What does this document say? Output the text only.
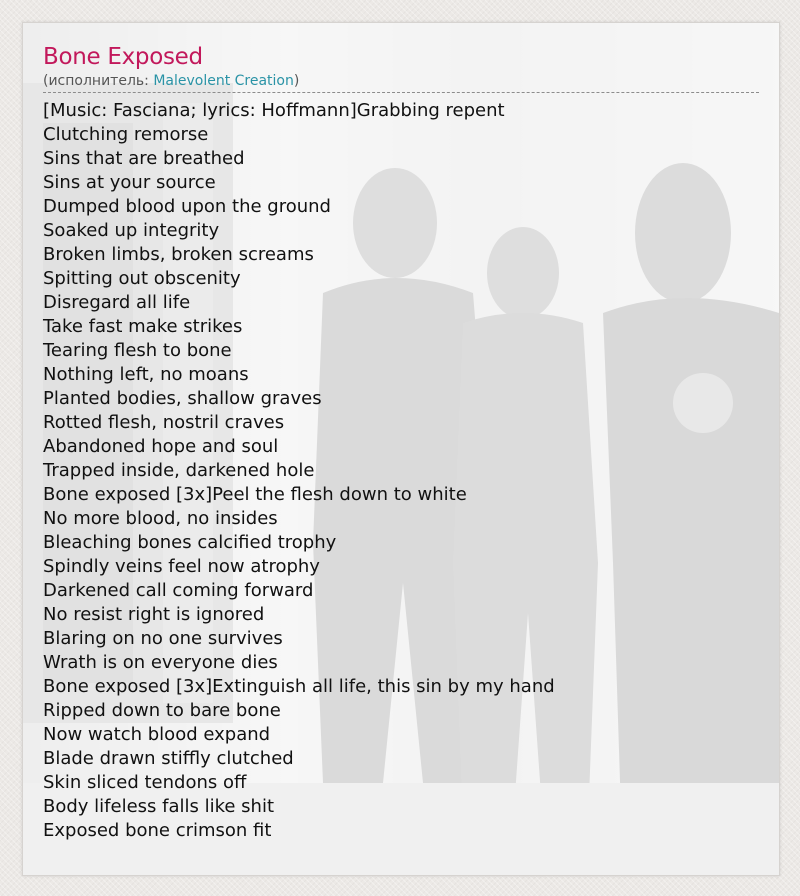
Bone Exposed
(исполнитель: Malevolent Creation)
[Music: Fasciana; lyrics: Hoffmann]Grabbing repent
Clutching remorse
Sins that are breathed
Sins at your source
Dumped blood upon the ground
Soaked up integrity
Broken limbs, broken screams
Spitting out obscenity
Disregard all life
Take fast make strikes
Tearing flesh to bone
Nothing left, no moans
Planted bodies, shallow graves
Rotted flesh, nostril craves
Abandoned hope and soul
Trapped inside, darkened hole
Bone exposed [3x]Peel the flesh down to white
No more blood, no insides
Bleaching bones calcified trophy
Spindly veins feel now atrophy
Darkened call coming forward
No resist right is ignored
Blaring on no one survives
Wrath is on everyone dies
Bone exposed [3x]Extinguish all life, this sin by my hand
Ripped down to bare bone
Now watch blood expand
Blade drawn stiffly clutched
Skin sliced tendons off
Body lifeless falls like shit
Exposed bone crimson fit
